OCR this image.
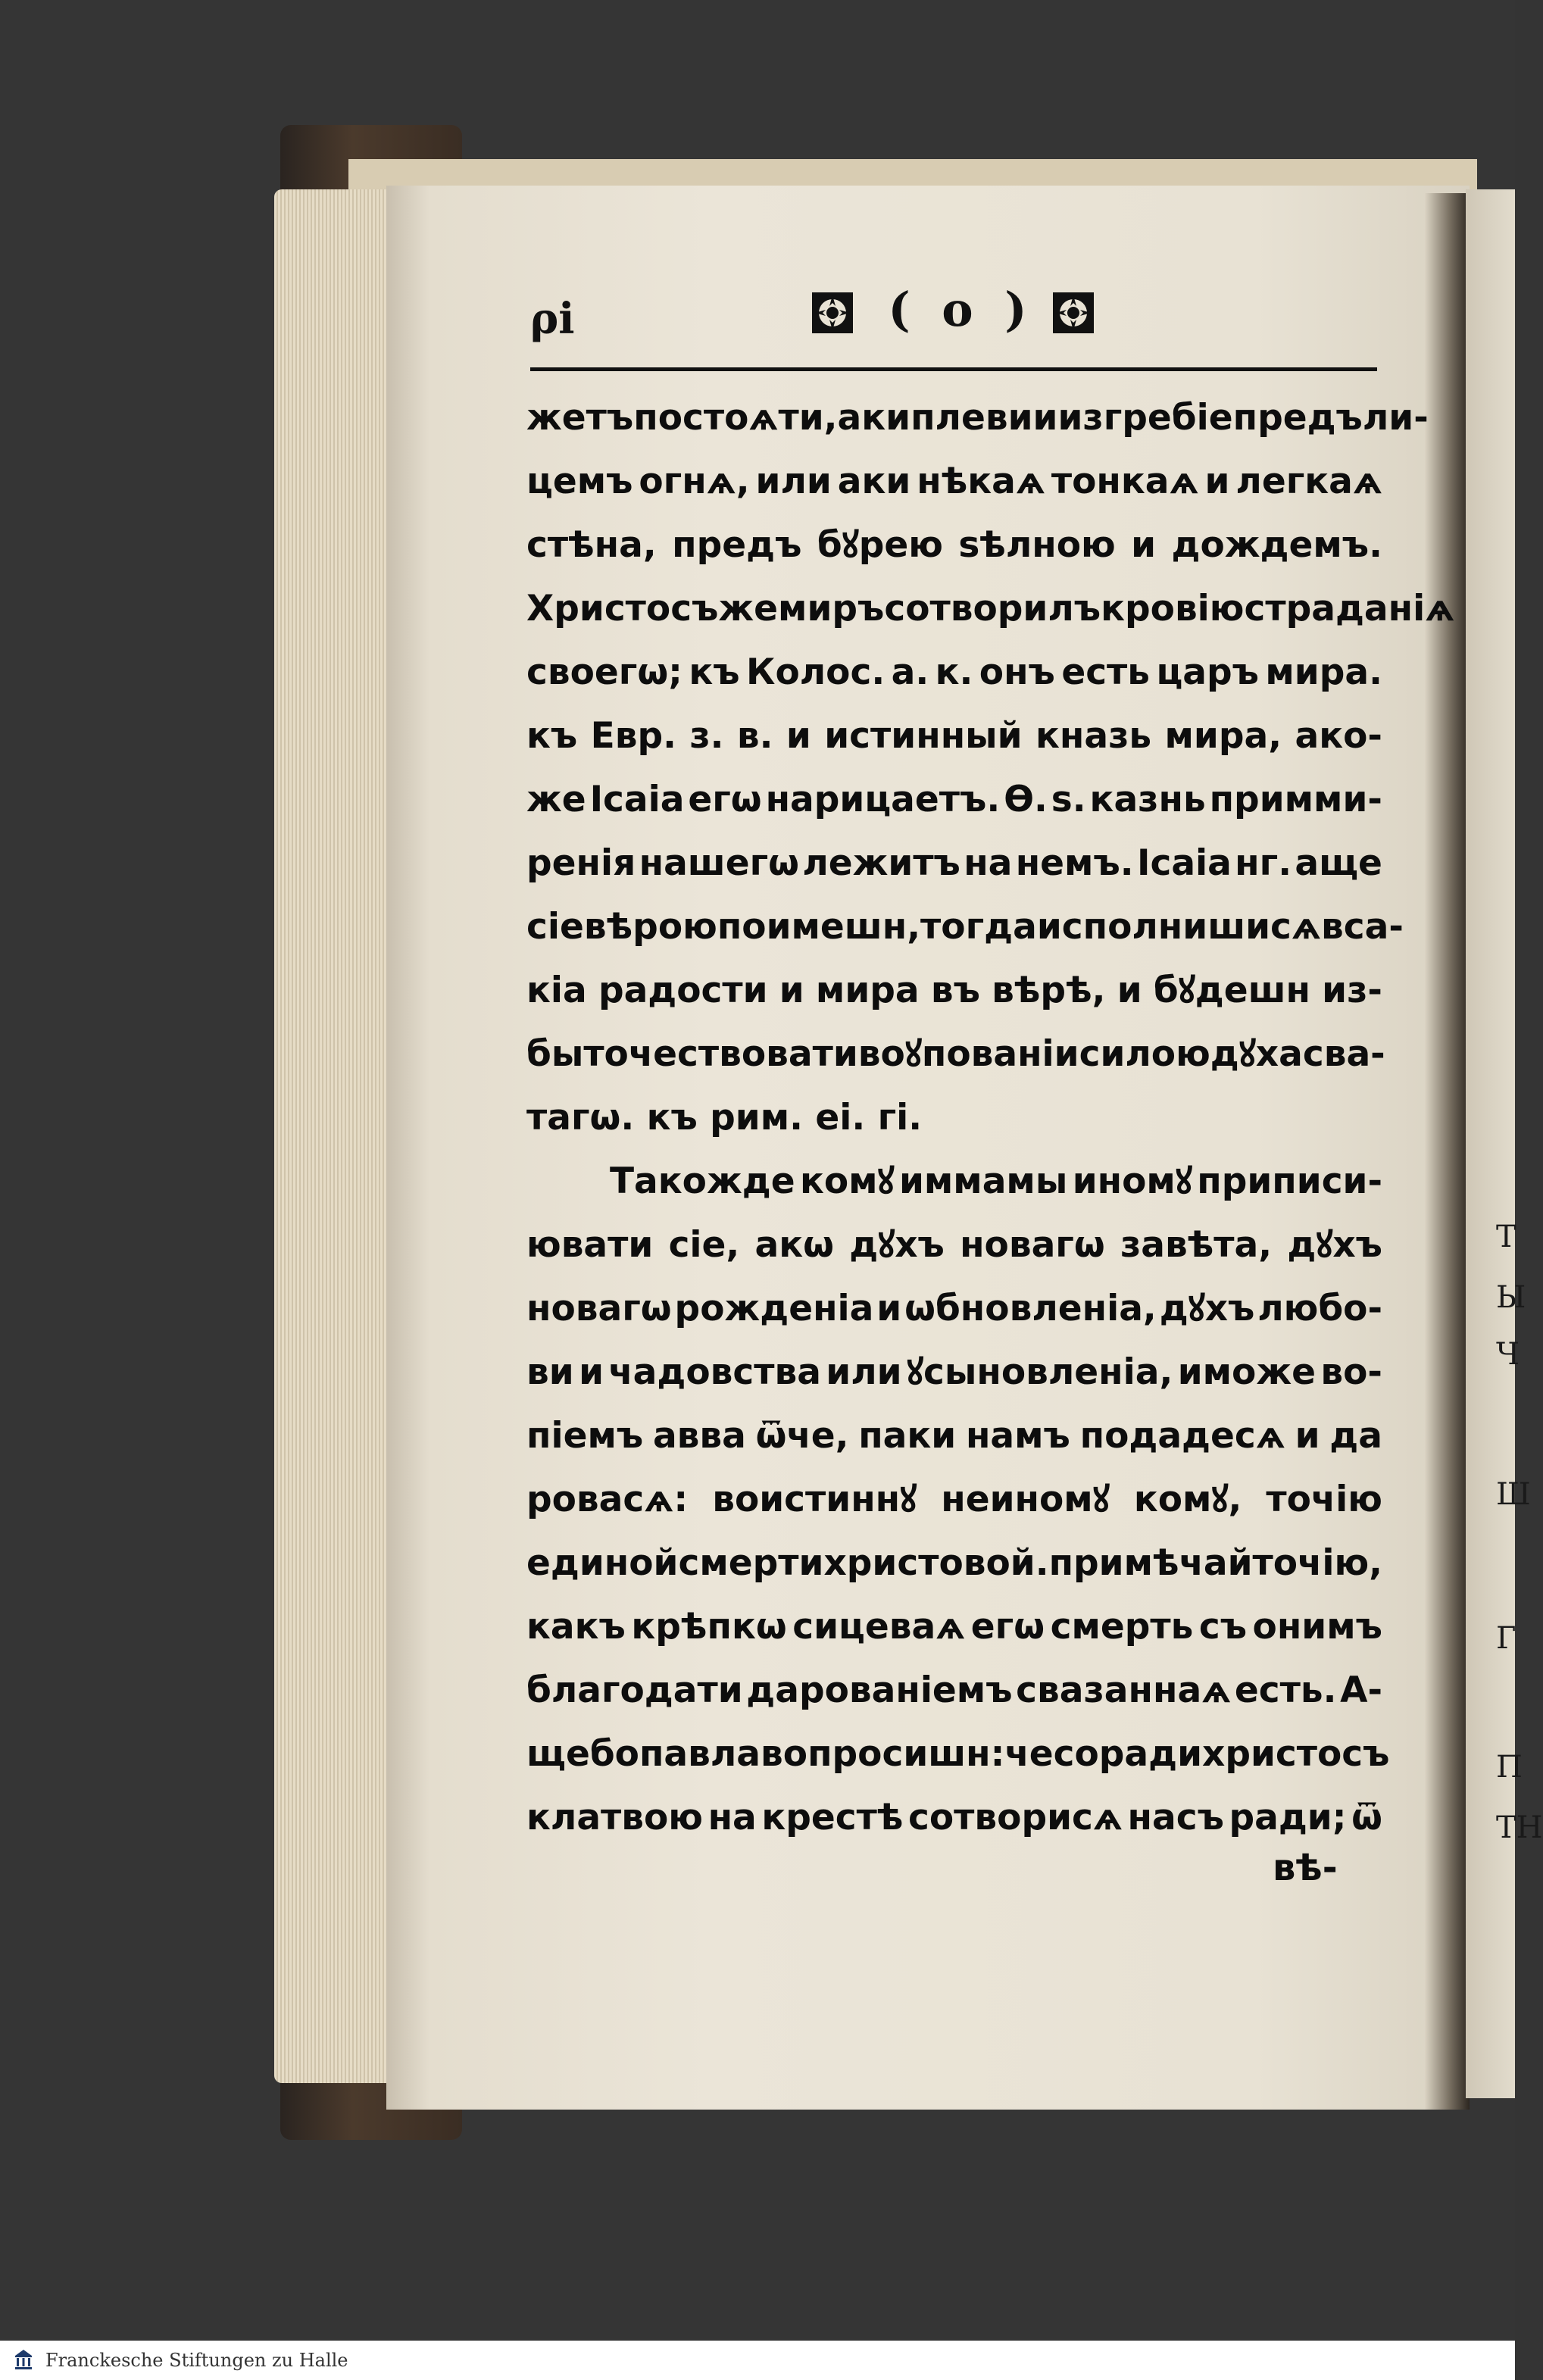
Т
Ы
Ч
Ш
Г
П
ТН
ρi	( o )
жетъ постоѧти, аки плеви и изгребіе предъ ли-
цемъ огнѧ, или аки нѣкаѧ тонкаѧ и легкаѧ
стѣна, предъ бꙋрею ѕѣлною и дождемъ.
Христосъ же миръ сотворилъ кровію страданіѧ
своегѡ; къ Колос. а. к. онъ есть царъ мира.
къ Евр. з. в. и истинный кназь мира, ако-
же Ісаіа егѡ нарицаетъ. Ѳ. ѕ. казнь примми-
ренія нашегѡ лежитъ на немъ. Ісаіа нг. аще
сіе вѣрою поимешн, тогда исполнишисѧ вса-
кіа радости и мира въ вѣрѣ, и бꙋдешн из-
быточествовати во ꙋпованіи силою дꙋха сва-
тагѡ. къ рим. еі. гі.
Такожде комꙋ иммамы иномꙋ приписи-
ювати сіе, акѡ дꙋхъ новагѡ завѣта, дꙋхъ
новагѡ рожденіа и ѡбновленіа, дꙋхъ любо-
ви и чадовства или ꙋсыновленіа, иможе во-
піемъ авва ѿче, паки намъ подадесѧ и да
ровасѧ: воистиннꙋ неиномꙋ комꙋ, точію
единой смерти христовой. примѣчай точію,
какъ крѣпкѡ сицеваѧ егѡ смерть съ онимъ
благодати дарованіемъ свазаннаѧ есть. А-
щебо павла вопросишн: чесоради христосъ
клатвою на крестѣ сотворисѧ насъ ради; ѿ
вѣ-
Franckesche Stiftungen zu Halle
